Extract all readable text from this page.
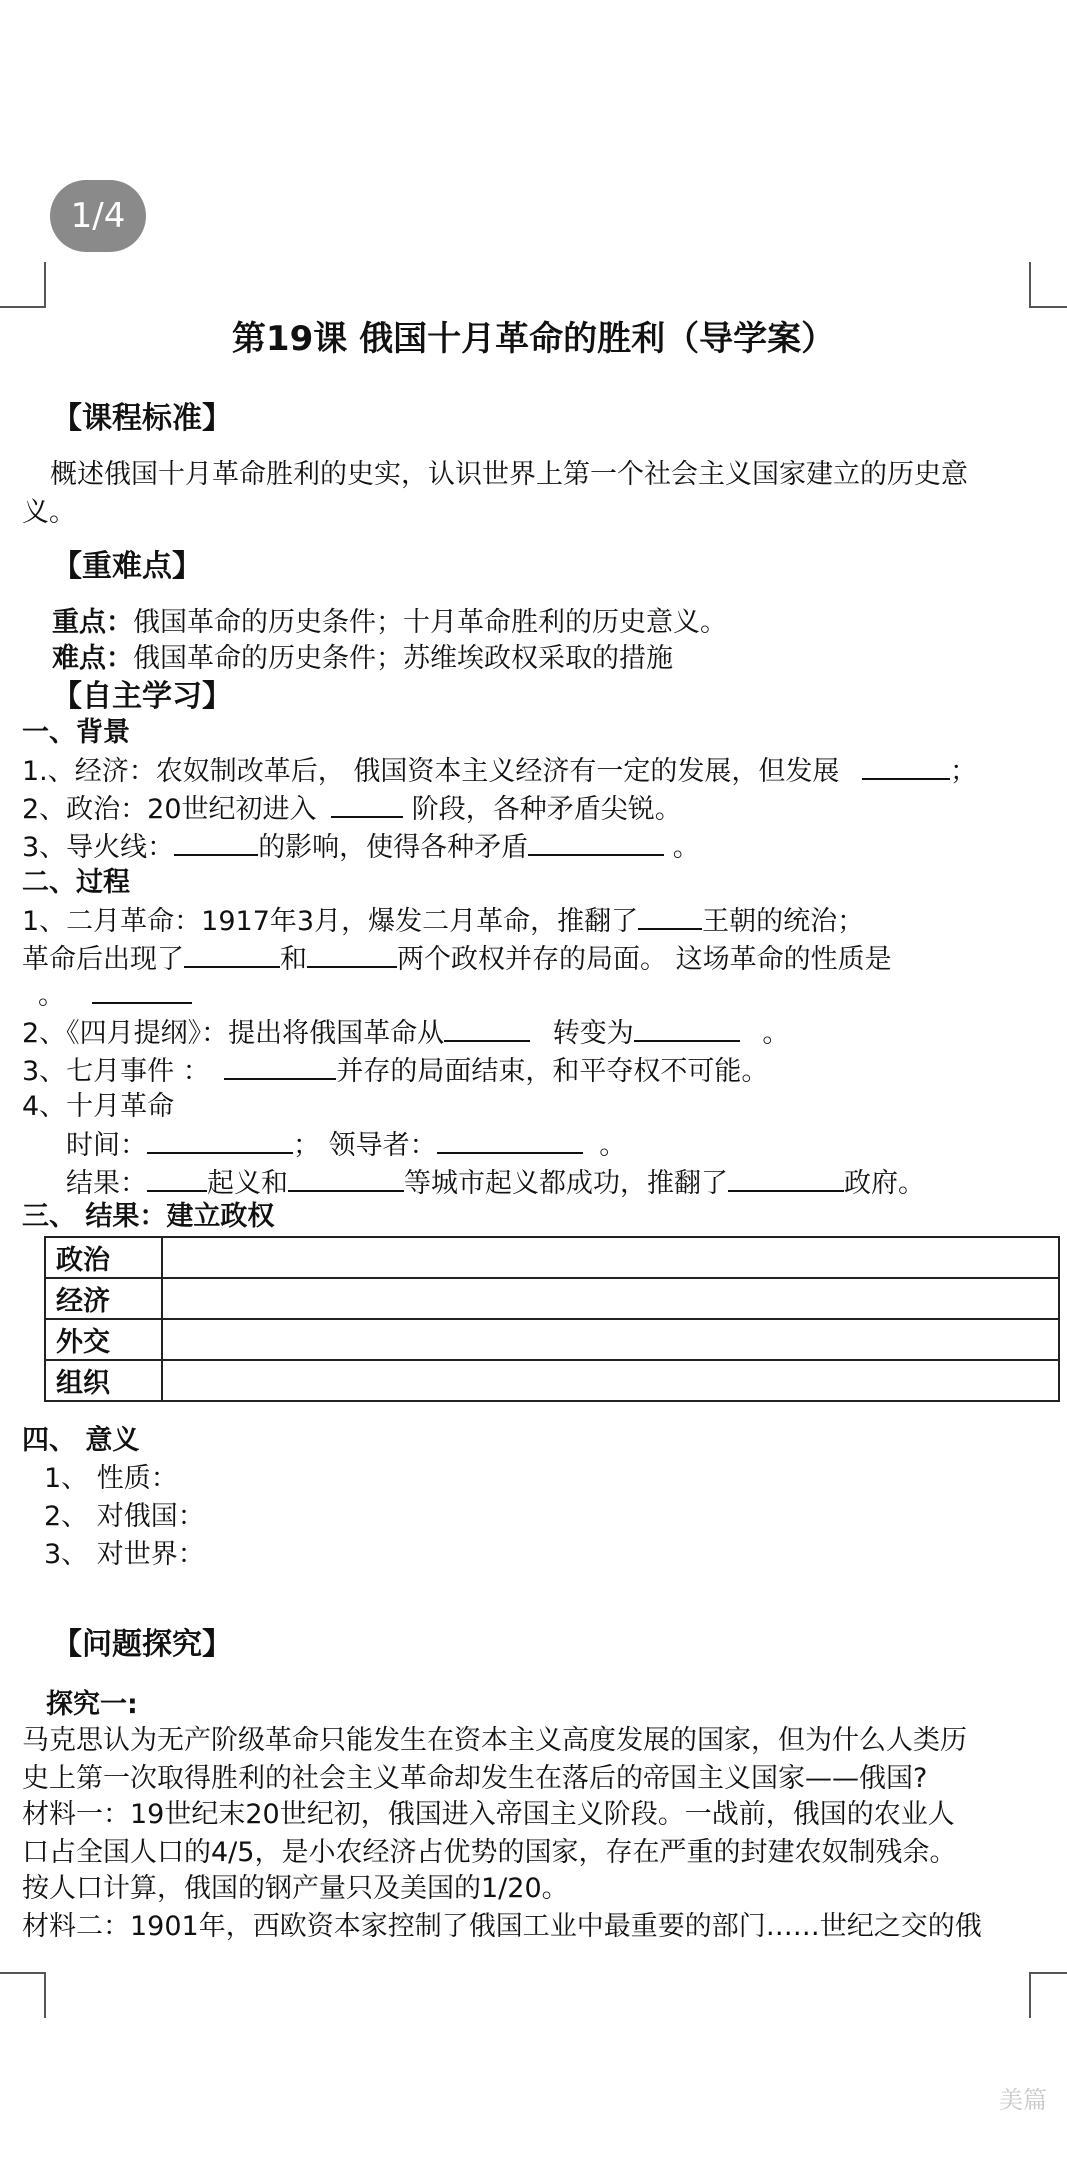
1/4
第19课 俄国十月革命的胜利（导学案）
【课程标准】
概述俄国十月革命胜利的史实，认识世界上第一个社会主义国家建立的历史意
义。
【重难点】
重点：俄国革命的历史条件；十月革命胜利的历史意义。
难点：俄国革命的历史条件；苏维埃政权采取的措施
【自主学习】
一、背景
1.、经济：农奴制改革后， 俄国资本主义经济有一定的发展，但发展	；
2、政治：20世纪初进入	阶段，各种矛盾尖锐。
3、导火线：	的影响，使得各种矛盾	。
二、过程
1、二月革命：1917年3月，爆发二月革命，推翻了 王朝的统治；
革命后出现了	和	两个政权并存的局面。 这场革命的性质是
。
2、《四月提纲》：提出将俄国革命从	转变为	。
3、七月事件 ：	并存的局面结束，和平夺权不可能。
4、十月革命
时间：	； 领导者：	。
结果： 起义和	等城市起义都成功，推翻了	政府。
三、 结果：建立政权
政治	
经济	
外交	
组织	
四、 意义
1、 性质：
2、 对俄国：
3、 对世界：
【问题探究】
探究一:
马克思认为无产阶级革命只能发生在资本主义高度发展的国家，但为什么人类历
史上第一次取得胜利的社会主义革命却发生在落后的帝国主义国家——俄国?
材料一：19世纪末20世纪初，俄国进入帝国主义阶段。一战前，俄国的农业人
口占全国人口的4/5，是小农经济占优势的国家，存在严重的封建农奴制残余。
按人口计算，俄国的钢产量只及美国的1/20。
材料二：1901年，西欧资本家控制了俄国工业中最重要的部门……世纪之交的俄
美篇
